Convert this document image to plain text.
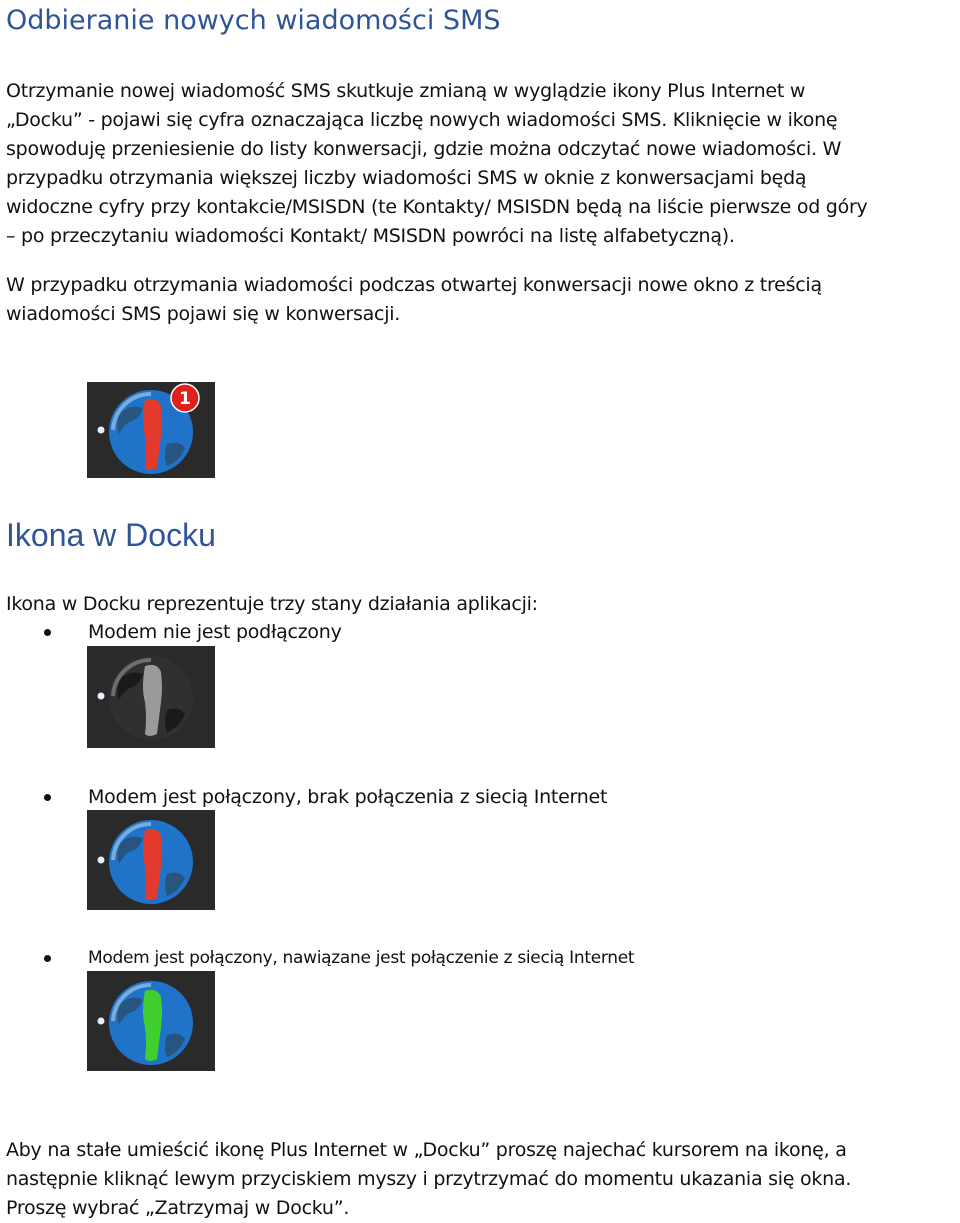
Odbieranie nowych wiadomości SMS

Otrzymanie nowej wiadomość SMS skutkuje zmianą w wyglądzie ikony Plus Internet w
„Docku” - pojawi się cyfra oznaczająca liczbę nowych wiadomości SMS. Kliknięcie w ikonę
spowoduję przeniesienie do listy konwersacji, gdzie można odczytać nowe wiadomości. W
przypadku otrzymania większej liczby wiadomości SMS w oknie z konwersacjami będą
widoczne cyfry przy kontakcie/MSISDN (te Kontakty/ MSISDN będą na liście pierwsze od góry
– po przeczytaniu wiadomości Kontakt/ MSISDN powróci na listę alfabetyczną).

W przypadku otrzymania wiadomości podczas otwartej konwersacji nowe okno z treścią
wiadomości SMS pojawi się w konwersacji.

1
Ikona w Docku

Ikona w Docku reprezentuje trzy stany działania aplikacji:

Modem nie jest podłączony
Modem jest połączony, brak połączenia z siecią Internet
Modem jest połączony, nawiązane jest połączenie z siecią Internet

Aby na stałe umieścić ikonę Plus Internet w „Docku” proszę najechać kursorem na ikonę, a
następnie kliknąć lewym przyciskiem myszy i przytrzymać do momentu ukazania się okna.
Proszę wybrać „Zatrzymaj w Docku”.
